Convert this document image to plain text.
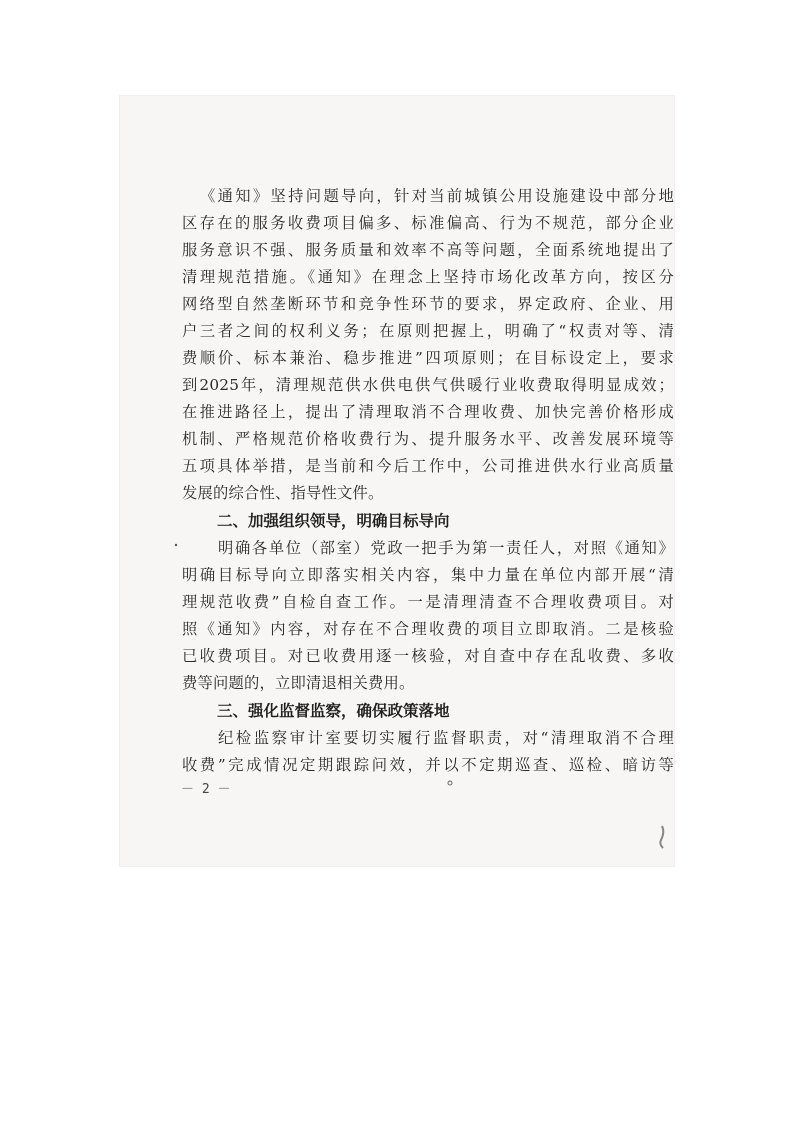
《通知》坚持问题导向，针对当前城镇公用设施建设中部分地
区存在的服务收费项目偏多、标准偏高、行为不规范，部分企业
服务意识不强、服务质量和效率不高等问题，全面系统地提出了
清理规范措施。《通知》在理念上坚持市场化改革方向，按区分
网络型自然垄断环节和竞争性环节的要求，界定政府、企业、用
户三者之间的权利义务；在原则把握上，明确了“权责对等、清
费顺价、标本兼治、稳步推进”四项原则；在目标设定上，要求
到2025年，清理规范供水供电供气供暖行业收费取得明显成效；
在推进路径上，提出了清理取消不合理收费、加快完善价格形成
机制、严格规范价格收费行为、提升服务水平、改善发展环境等
五项具体举措，是当前和今后工作中，公司推进供水行业高质量
发展的综合性、指导性文件。
二、加强组织领导，明确目标导向
明确各单位（部室）党政一把手为第一责任人，对照《通知》
明确目标导向立即落实相关内容，集中力量在单位内部开展“清
理规范收费”自检自查工作。一是清理清查不合理收费项目。对
照《通知》内容，对存在不合理收费的项目立即取消。二是核验
已收费项目。对已收费用逐一核验，对自查中存在乱收费、多收
费等问题的，立即清退相关费用。
三、强化监督监察，确保政策落地
纪检监察审计室要切实履行监督职责，对“清理取消不合理
收费”完成情况定期跟踪问效，并以不定期巡查、巡检、暗访等
－ 2 －
